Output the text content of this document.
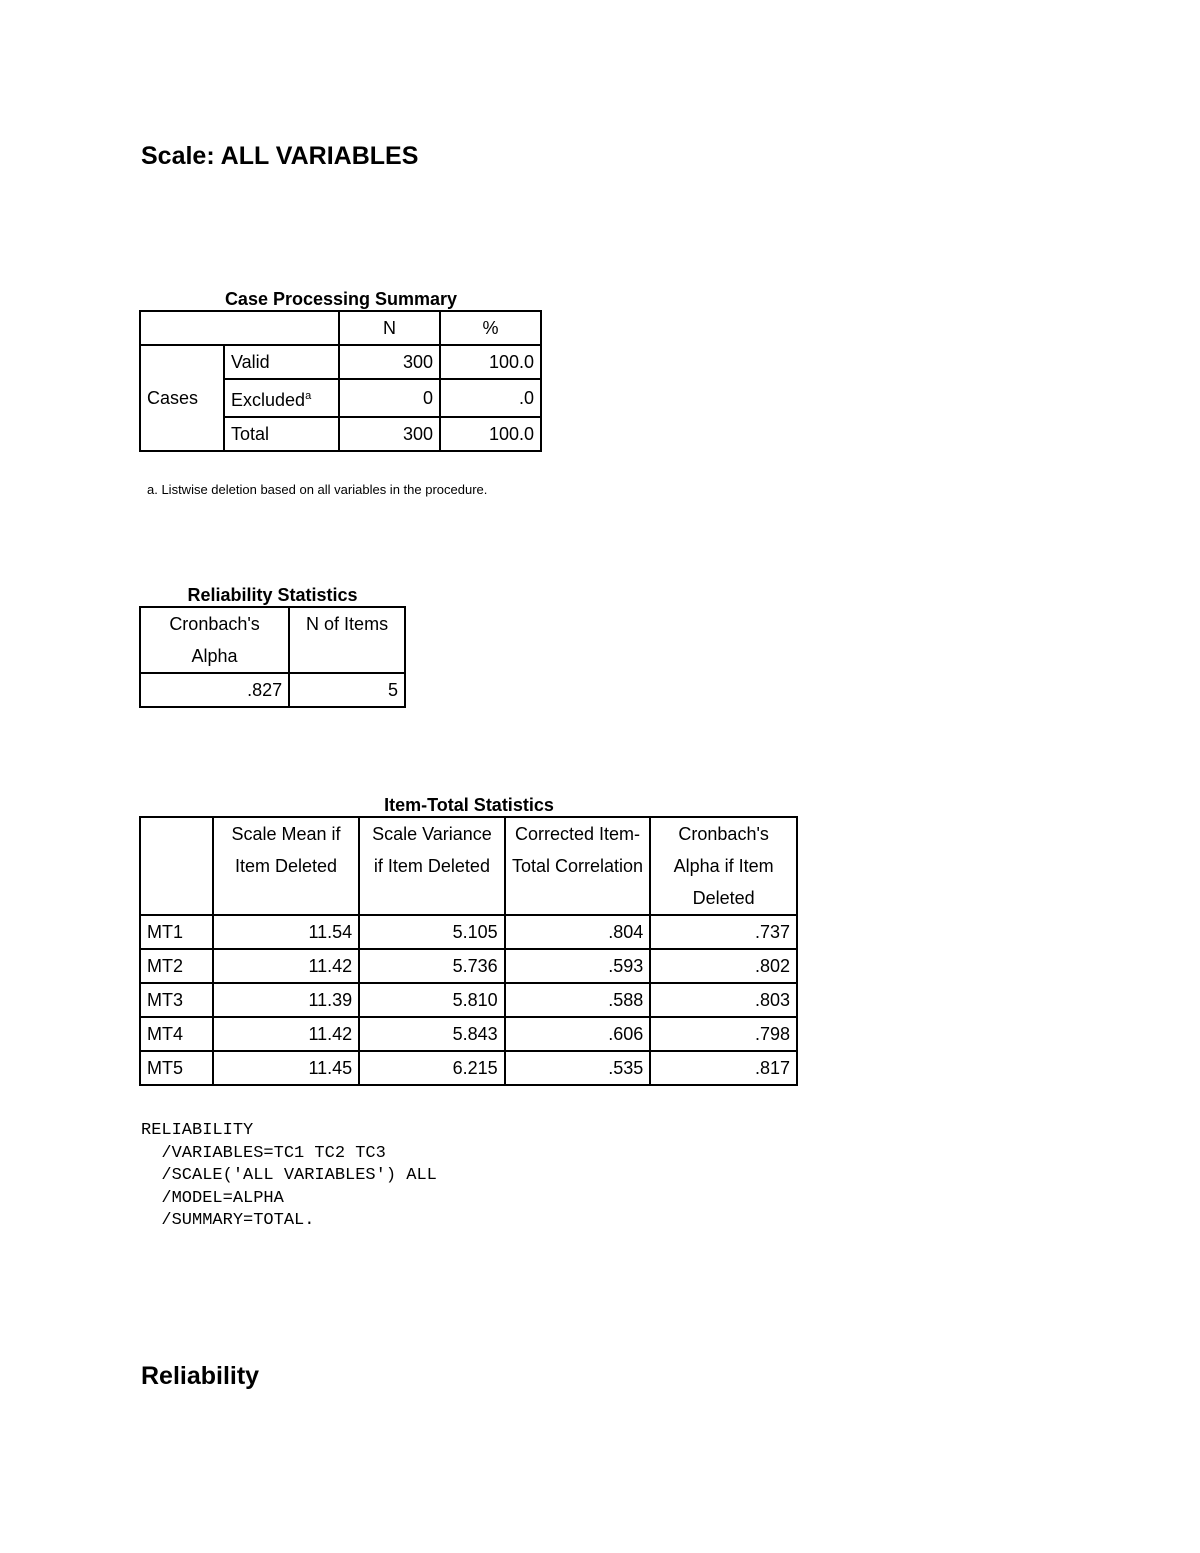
Scale: ALL VARIABLES
Case Processing Summary
		N	%
Cases	Valid	300	100.0
	Excluded$^a$	0	.0
	Total	300	100.0
a. Listwise deletion based on all variables in the procedure.
Reliability Statistics
Cronbach's Alpha	N of Items
.827	5
Item-Total Statistics
	Scale Mean if Item Deleted	Scale Variance if Item Deleted	Corrected Item-Total Correlation	Cronbach's Alpha if Item Deleted
MT1	11.54	5.105	.804	.737
MT2	11.42	5.736	.593	.802
MT3	11.39	5.810	.588	.803
MT4	11.42	5.843	.606	.798
MT5	11.45	6.215	.535	.817
RELIABILITY
/VARIABLES=TC1 TC2 TC3
/SCALE('ALL VARIABLES') ALL
/MODEL=ALPHA
/SUMMARY=TOTAL.
Reliability
